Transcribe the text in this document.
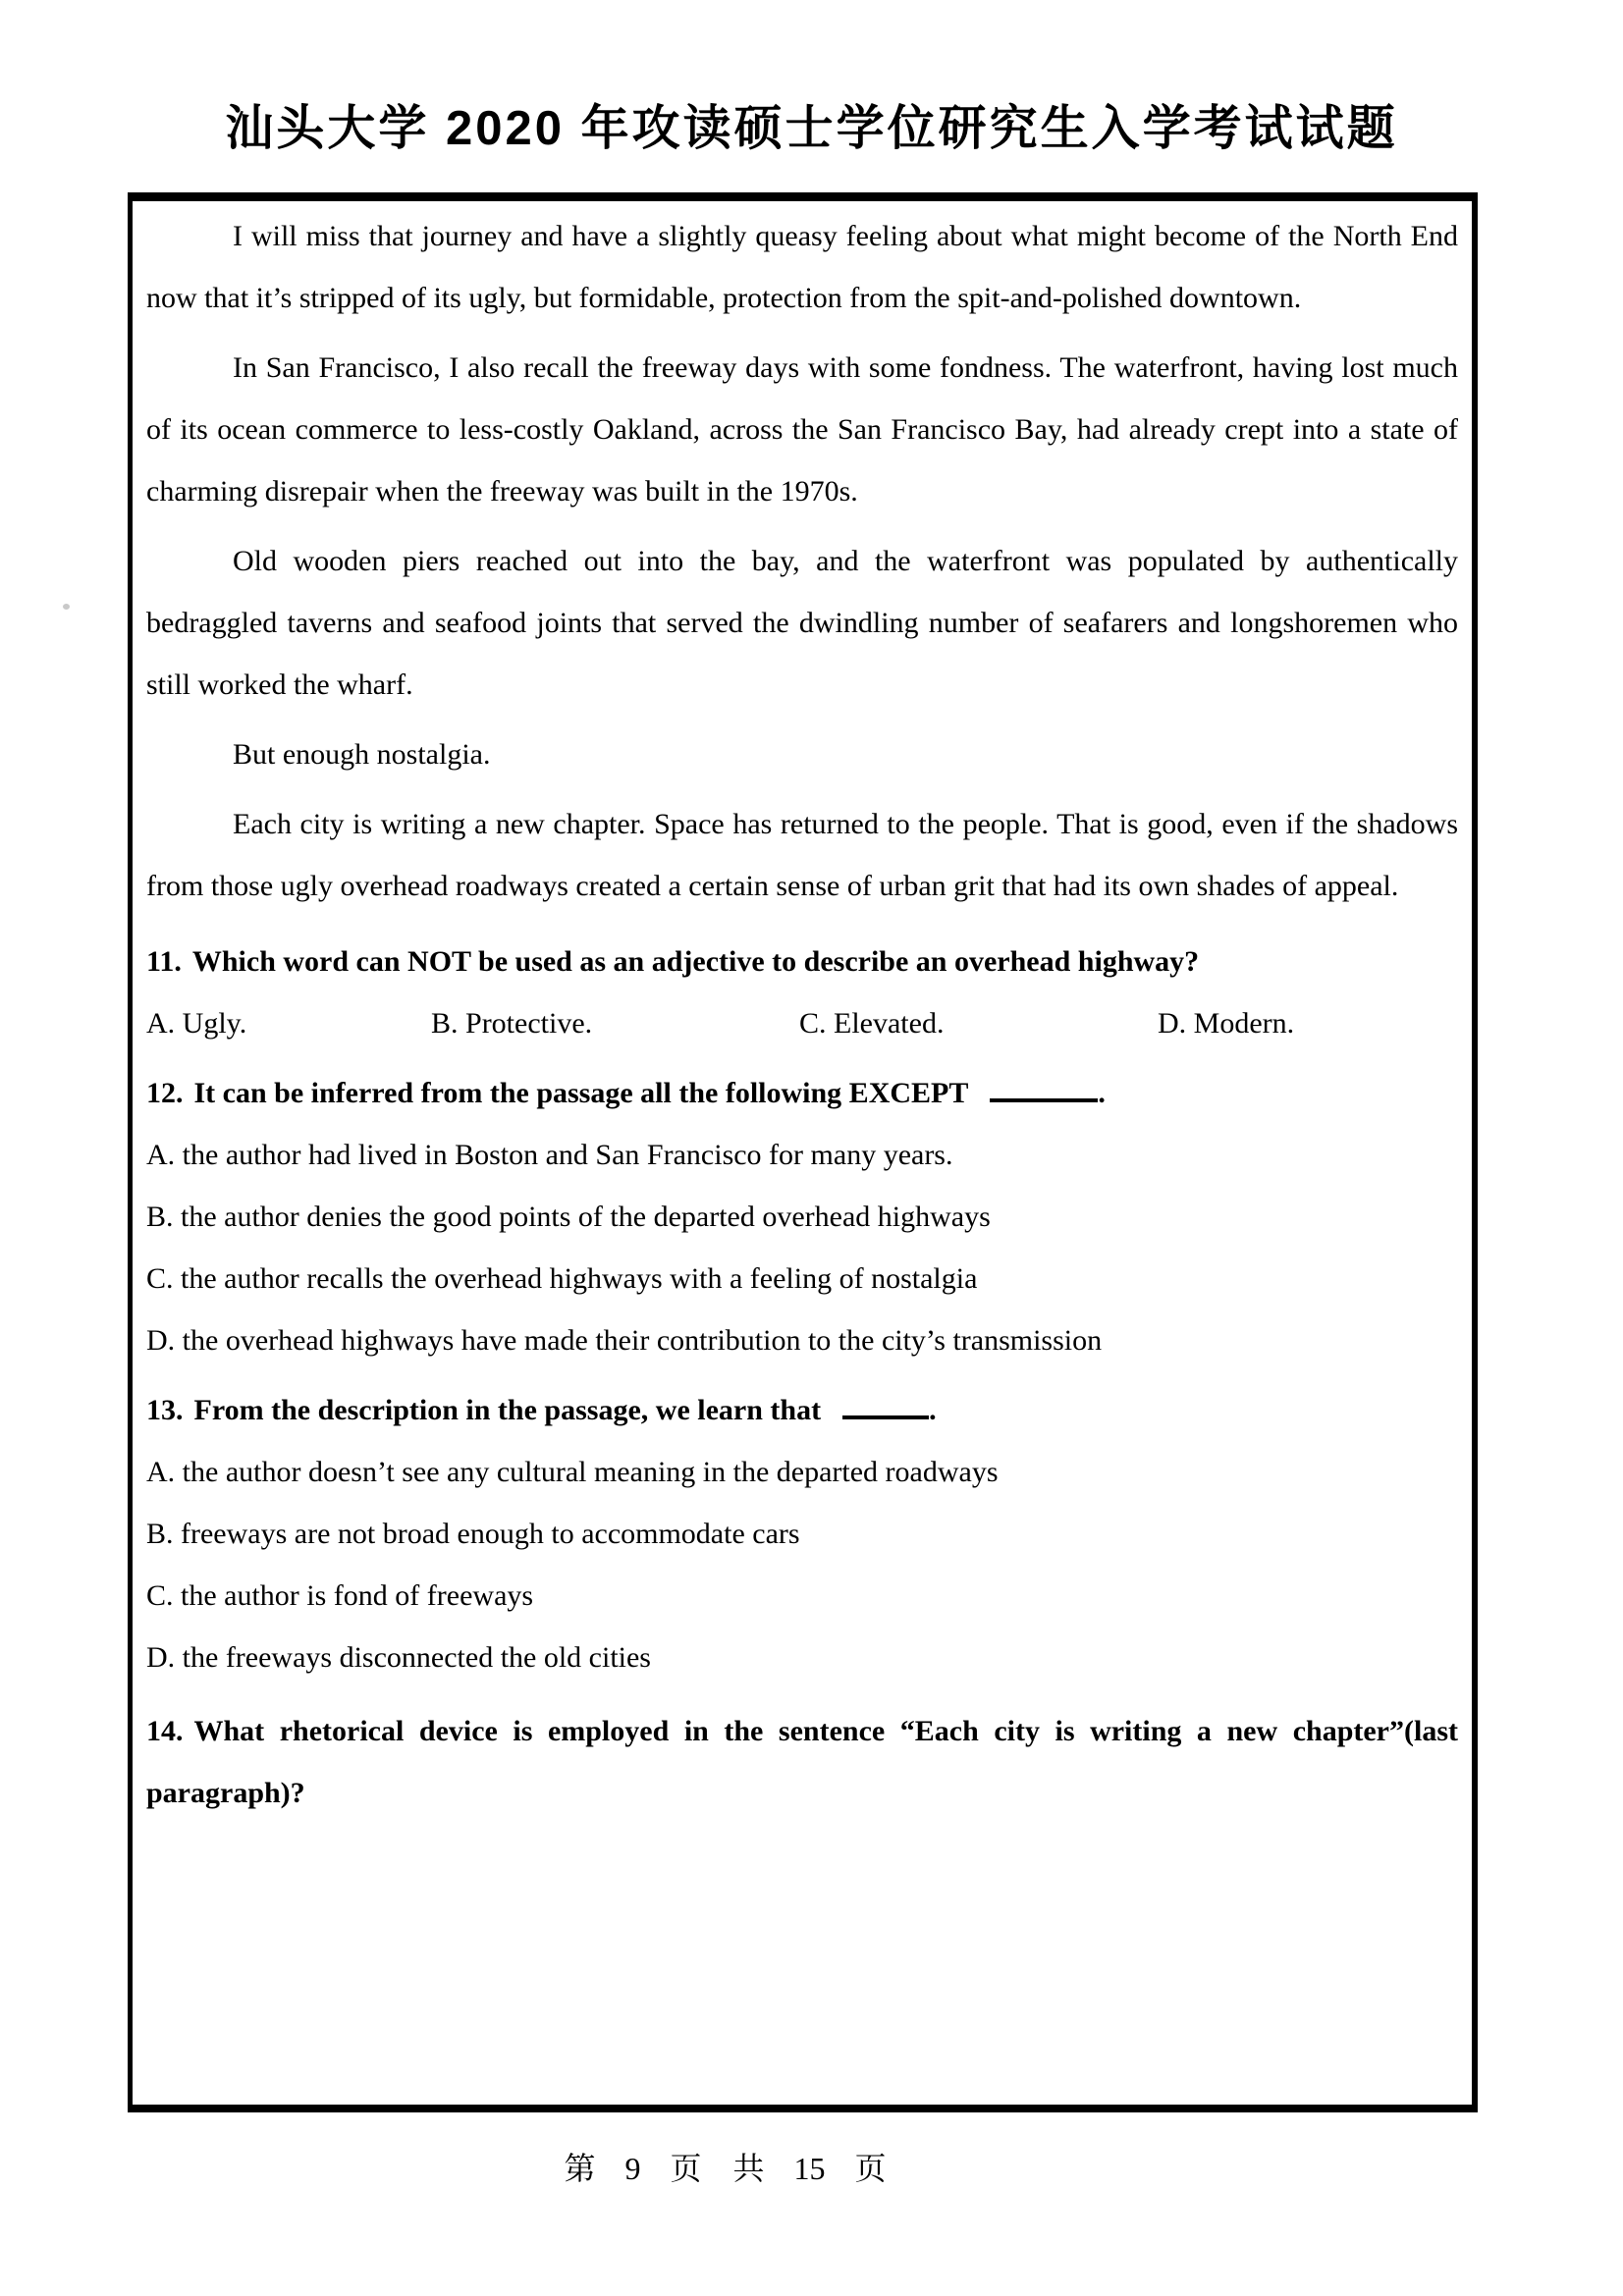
汕头大学 2020 年攻读硕士学位研究生入学考试试题

I will miss that journey and have a slightly queasy feeling about what might become of the North End now that it’s stripped of its ugly, but formidable, protection from the spit-and-polished downtown.

In San Francisco, I also recall the freeway days with some fondness. The waterfront, having lost much of its ocean commerce to less-costly Oakland, across the San Francisco Bay, had already crept into a state of charming disrepair when the freeway was built in the 1970s.

Old wooden piers reached out into the bay, and the waterfront was populated by authentically bedraggled taverns and seafood joints that served the dwindling number of seafarers and longshoremen who still worked the wharf.

But enough nostalgia.

Each city is writing a new chapter. Space has returned to the people. That is good, even if the shadows from those ugly overhead roadways created a certain sense of urban grit that had its own shades of appeal.

11. Which word can NOT be used as an adjective to describe an overhead highway?

A. Ugly.	B. Protective.	C. Elevated.	D. Modern.

12. It can be inferred from the passage all the following EXCEPT	.

A. the author had lived in Boston and San Francisco for many years.

B. the author denies the good points of the departed overhead highways

C. the author recalls the overhead highways with a feeling of nostalgia

D. the overhead highways have made their contribution to the city’s transmission

13. From the description in the passage, we learn that	.

A. the author doesn’t see any cultural meaning in the departed roadways

B. freeways are not broad enough to accommodate cars

C. the author is fond of freeways

D. the freeways disconnected the old cities

14. What rhetorical device is employed in the sentence “Each city is writing a new chapter”(last paragraph)?

第 9 页　共 15 页
